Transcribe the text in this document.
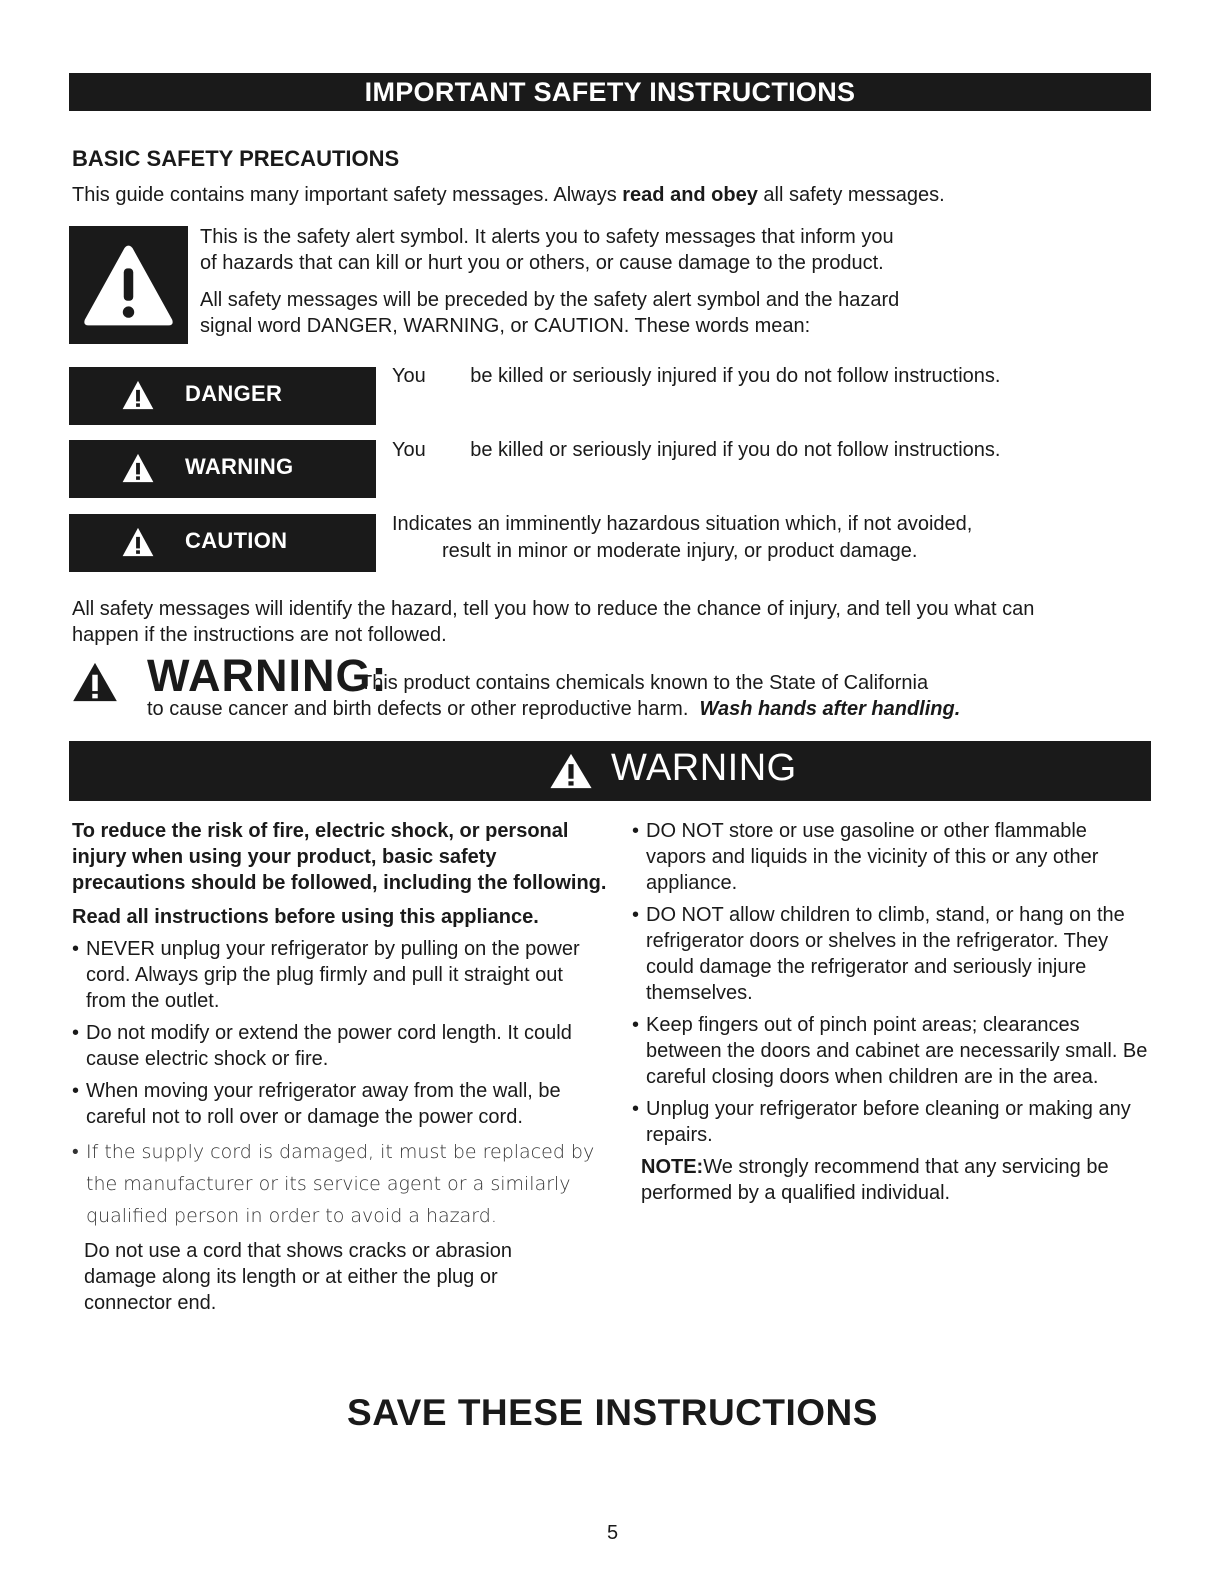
IMPORTANT SAFETY INSTRUCTIONS
BASIC SAFETY PRECAUTIONS
This guide contains many important safety messages. Always read and obey all safety messages.
This is the safety alert symbol. It alerts you to safety messages that inform you
of hazards that can kill or hurt you or others, or cause damage to the product.
All safety messages will be preceded by the safety alert symbol and the hazard
signal word DANGER, WARNING, or CAUTION. These words mean:
DANGER
You        be killed or seriously injured if you do not follow instructions.
WARNING
You        be killed or seriously injured if you do not follow instructions.
CAUTION
Indicates an imminently hazardous situation which, if not avoided,
result in minor or moderate injury, or product damage.
All safety messages will identify the hazard, tell you how to reduce the chance of injury, and tell you what can
happen if the instructions are not followed.
WARNING:
This product contains chemicals known to the State of California
to cause cancer and birth defects or other reproductive harm.  Wash hands after handling.
WARNING
To reduce the risk of fire, electric shock, or personal injury when using your product, basic safety precautions should be followed, including the following.
Read all instructions before using this appliance.
• NEVER unplug your refrigerator by pulling on the power cord. Always grip the plug firmly and pull it straight out from the outlet.
• Do not modify or extend the power cord length. It could cause electric shock or fire.
• When moving your refrigerator away from the wall, be careful not to roll over or damage the power cord.
• If the supply cord is damaged, it must be replaced by the manufacturer or its service agent or a similarly qualified person in order to avoid a hazard.
Do not use a cord that shows cracks or abrasion damage along its length or at either the plug or connector end.
• DO NOT store or use gasoline or other flammable vapors and liquids in the vicinity of this or any other appliance.
• DO NOT allow children to climb, stand, or hang on the refrigerator doors or shelves in the refrigerator. They could damage the refrigerator and seriously injure themselves.
• Keep fingers out of pinch point areas; clearances between the doors and cabinet are necessarily small. Be careful closing doors when children are in the area.
• Unplug your refrigerator before cleaning or making any repairs.
NOTE:We strongly recommend that any servicing be performed by a qualified individual.
SAVE THESE INSTRUCTIONS
5
